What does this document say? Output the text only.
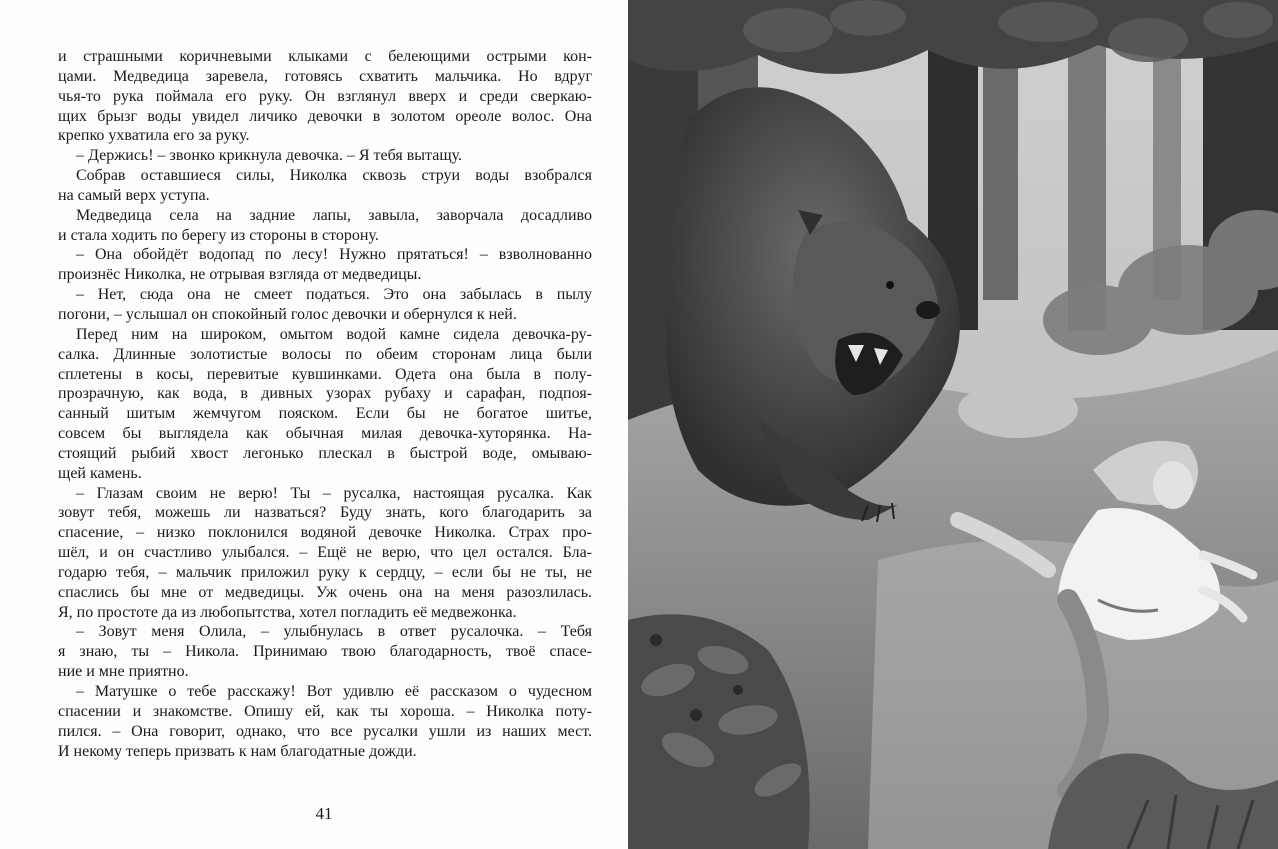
и страшными коричневыми клыками с белеющими острыми кон-
цами. Медведица заревела, готовясь схватить мальчика. Но вдруг
чья-то рука поймала его руку. Он взглянул вверх и среди сверкаю-
щих брызг воды увидел личико девочки в золотом ореоле волос. Она
крепко ухватила его за руку.
– Держись! – звонко крикнула девочка. – Я тебя вытащу.
Собрав оставшиеся силы, Николка сквозь струи воды взобрался
на самый верх уступа.
Медведица села на задние лапы, завыла, заворчала досадливо
и стала ходить по берегу из стороны в сторону.
– Она обойдёт водопад по лесу! Нужно прятаться! – взволнованно
произнёс Николка, не отрывая взгляда от медведицы.
– Нет, сюда она не смеет податься. Это она забылась в пылу
погони, – услышал он спокойный голос девочки и обернулся к ней.
Перед ним на широком, омытом водой камне сидела девочка-ру-
салка. Длинные золотистые волосы по обеим сторонам лица были
сплетены в косы, перевитые кувшинками. Одета она была в полу-
прозрачную, как вода, в дивных узорах рубаху и сарафан, подпоя-
санный шитым жемчугом пояском. Если бы не богатое шитье,
совсем бы выглядела как обычная милая девочка-хуторянка. На-
стоящий рыбий хвост легонько плескал в быстрой воде, омываю-
щей камень.
– Глазам своим не верю! Ты – русалка, настоящая русалка. Как
зовут тебя, можешь ли назваться? Буду знать, кого благодарить за
спасение, – низко поклонился водяной девочке Николка. Страх про-
шёл, и он счастливо улыбался. – Ещё не верю, что цел остался. Бла-
годарю тебя, – мальчик приложил руку к сердцу, – если бы не ты, не
спаслись бы мне от медведицы. Уж очень она на меня разозлилась.
Я, по простоте да из любопытства, хотел погладить её медвежонка.
– Зовут меня Олила, – улыбнулась в ответ русалочка. – Тебя
я знаю, ты – Никола. Принимаю твою благодарность, твоё спасе-
ние и мне приятно.
– Матушке о тебе расскажу! Вот удивлю её рассказом о чудесном
спасении и знакомстве. Опишу ей, как ты хороша. – Николка поту-
пился. – Она говорит, однако, что все русалки ушли из наших мест.
И некому теперь призвать к нам благодатные дожди.
41
